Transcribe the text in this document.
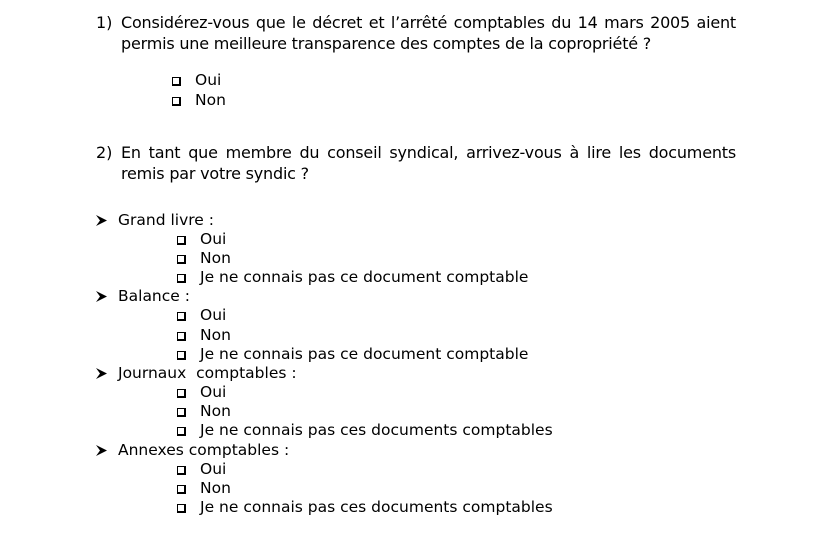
1) Considérez-vous que le décret et l’arrêté comptables du 14 mars 2005 aient permis une meilleure transparence des comptes de la copropriété ?
Oui
Non
2) En tant que membre du conseil syndical, arrivez-vous à lire les documents remis par votre syndic ?
Grand livre :
Oui
Non
Je ne connais pas ce document comptable
Balance :
Oui
Non
Je ne connais pas ce document comptable
Journaux  comptables :
Oui
Non
Je ne connais pas ces documents comptables
Annexes comptables :
Oui
Non
Je ne connais pas ces documents comptables
